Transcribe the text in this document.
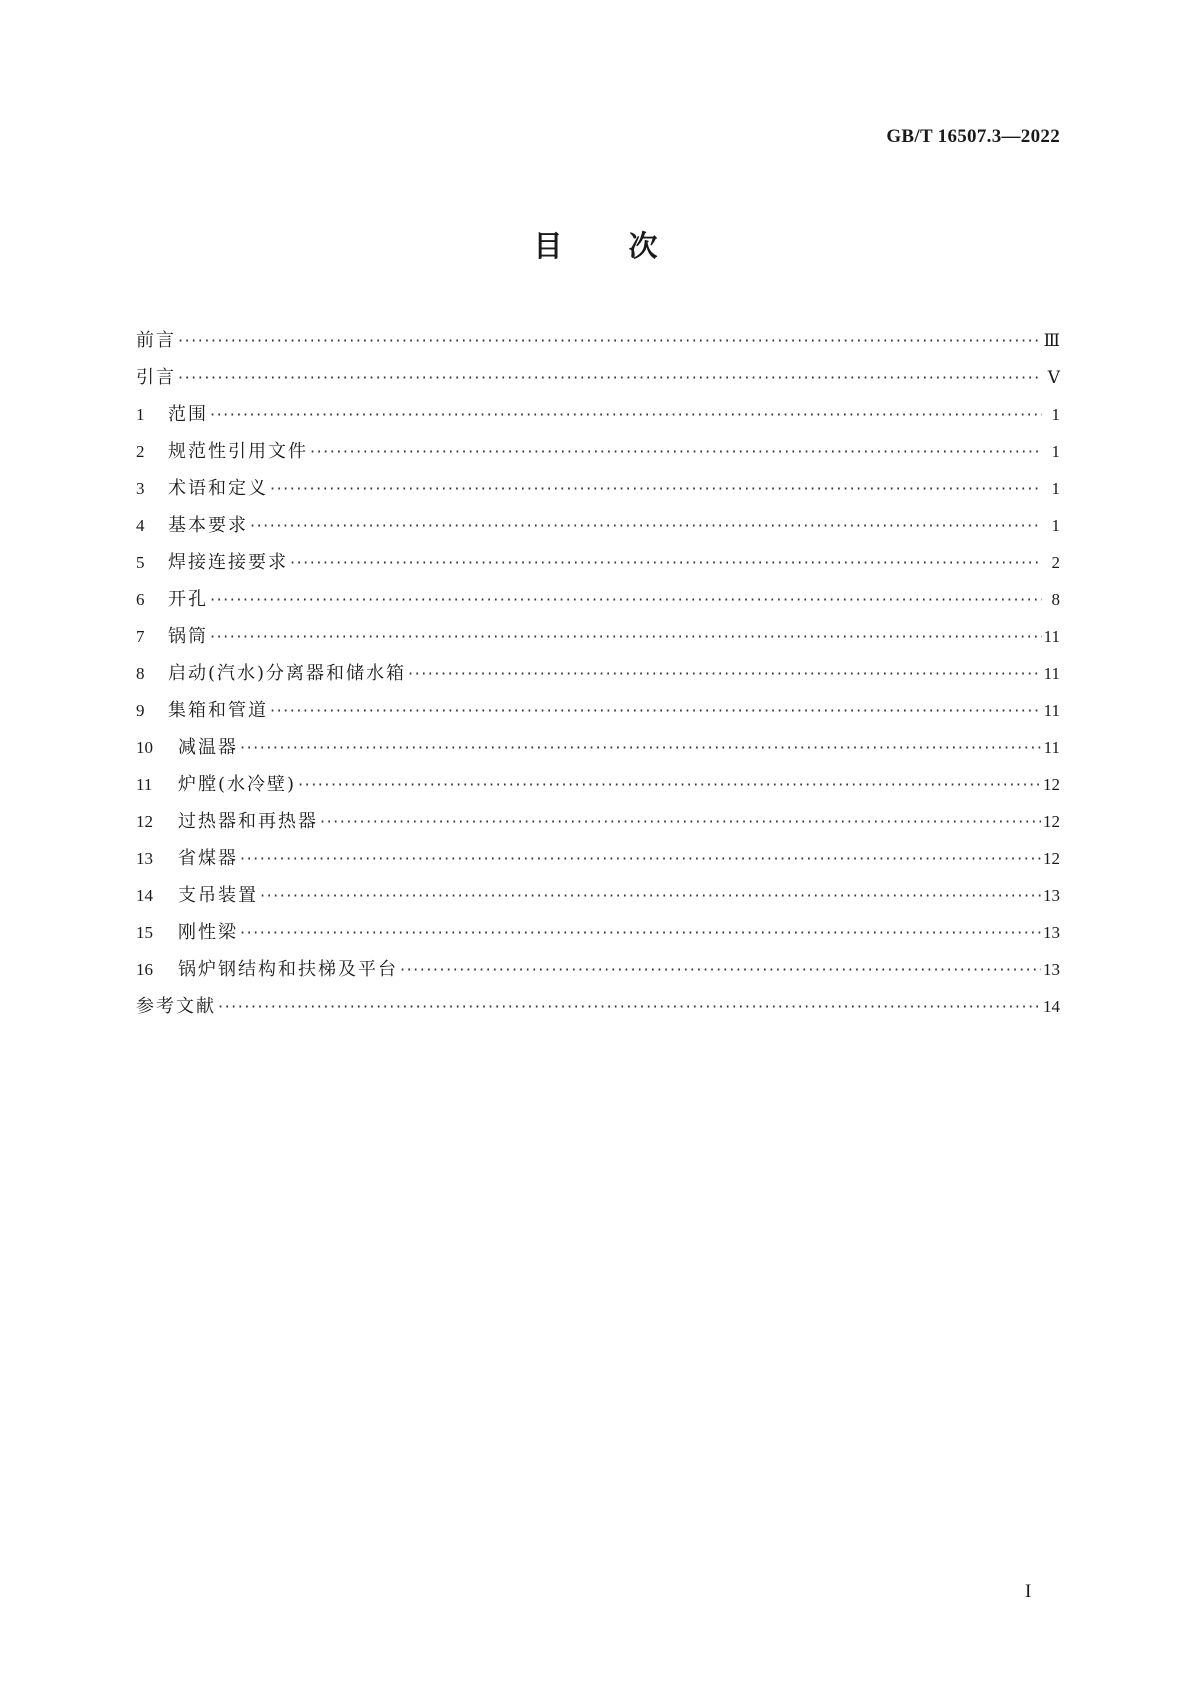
GB/T 16507.3—2022
目 次
前言 ·····	Ⅲ
引言 ·····	Ⅴ
1	范围 ·····	1
2	规范性引用文件 ·····	1
3	术语和定义 ·····	1
4	基本要求 ·····	1
5	焊接连接要求 ·····	2
6	开孔 ·····	8
7	锅筒 ·····	11
8	启动(汽水)分离器和储水箱 ·····	11
9	集箱和管道 ·····	11
10	减温器 ·····	11
11	炉膛(水冷壁) ·····	12
12	过热器和再热器 ·····	12
13	省煤器 ·····	12
14	支吊装置 ·····	13
15	刚性梁 ·····	13
16	锅炉钢结构和扶梯及平台 ·····	13
参考文献 ·····	14
I
